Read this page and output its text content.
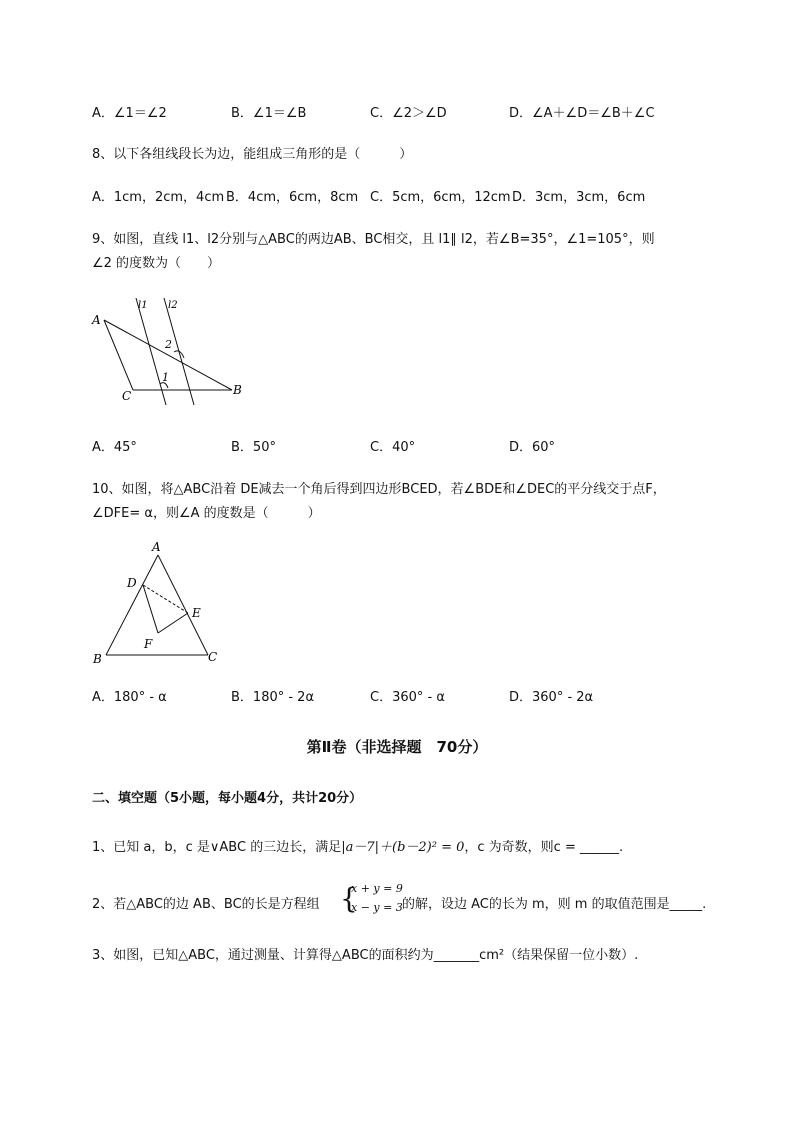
A．∠1＝∠2	B．∠1＝∠B	C．∠2＞∠D	D．∠A＋∠D＝∠B＋∠C
8、以下各组线段长为边，能组成三角形的是（　　　）
A．1cm，2cm，4cm B．4cm，6cm，8cm C．5cm，6cm，12cm D．3cm，3cm，6cm
9、如图，直线 l1、l2分别与△ABC的两边AB、BC相交，且 l1∥ l2，若∠B=35°，∠1=105°，则
∠2 的度数为（　　）
A
C	B
l1 l2
1
2
A．45°	B．50°	C．40°	D．60°
10、如图，将△ABC沿着 DE减去一个角后得到四边形BCED，若∠BDE和∠DEC的平分线交于点F，
∠DFE= α，则∠A 的度数是（　　　）
A
D
E
F
B	C
A．180° - α	B．180° - 2α	C．360° - α	D．360° - 2α
第Ⅱ卷（非选择题　70分）
二、填空题（5小题，每小题4分，共计20分）
1、已知 a，b，c 是∨ABC 的三边长，满足|a－7|＋(b－2)² = 0，c 为奇数，则c = ______.
2、若△ABC的边 AB、BC的长是方程组 {
x + y = 9
x − y = 3 的解，设边 AC的长为 m，则 m 的取值范围是_____.
3、如图，已知△ABC，通过测量、计算得△ABC的面积约为_______cm²（结果保留一位小数）.
